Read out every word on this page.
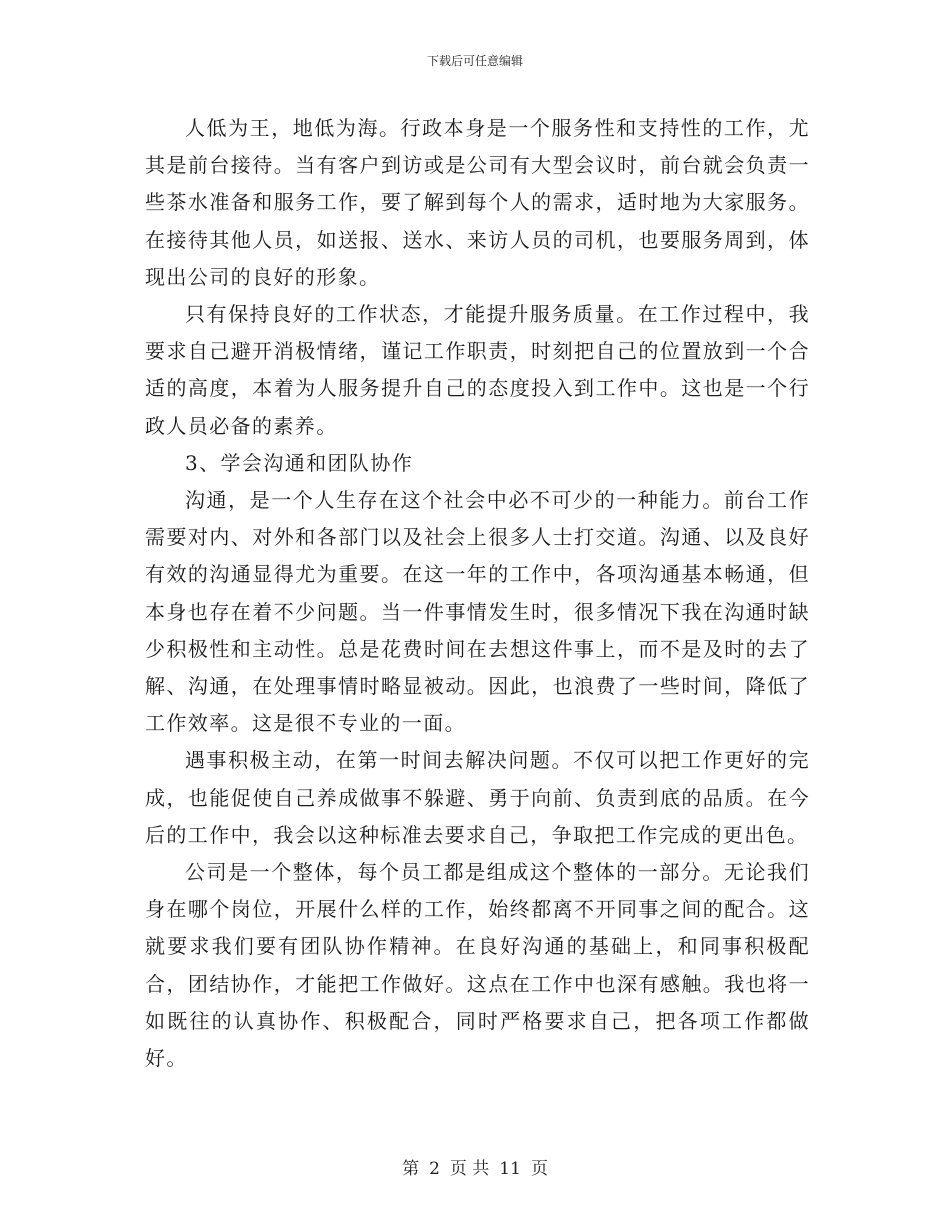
下载后可任意编辑

人低为王，地低为海。行政本身是一个服务性和支持性的工作，尤其是前台接待。当有客户到访或是公司有大型会议时，前台就会负责一些茶水准备和服务工作，要了解到每个人的需求，适时地为大家服务。在接待其他人员，如送报、送水、来访人员的司机，也要服务周到，体现出公司的良好的形象。

只有保持良好的工作状态，才能提升服务质量。在工作过程中，我要求自己避开消极情绪，谨记工作职责，时刻把自己的位置放到一个合适的高度，本着为人服务提升自己的态度投入到工作中。这也是一个行政人员必备的素养。

3、学会沟通和团队协作

沟通，是一个人生存在这个社会中必不可少的一种能力。前台工作需要对内、对外和各部门以及社会上很多人士打交道。沟通、以及良好有效的沟通显得尤为重要。在这一年的工作中，各项沟通基本畅通，但本身也存在着不少问题。当一件事情发生时，很多情况下我在沟通时缺少积极性和主动性。总是花费时间在去想这件事上，而不是及时的去了解、沟通，在处理事情时略显被动。因此，也浪费了一些时间，降低了工作效率。这是很不专业的一面。

遇事积极主动，在第一时间去解决问题。不仅可以把工作更好的完成，也能促使自己养成做事不躲避、勇于向前、负责到底的品质。在今后的工作中，我会以这种标准去要求自己，争取把工作完成的更出色。

公司是一个整体，每个员工都是组成这个整体的一部分。无论我们身在哪个岗位，开展什么样的工作，始终都离不开同事之间的配合。这就要求我们要有团队协作精神。在良好沟通的基础上，和同事积极配合，团结协作，才能把工作做好。这点在工作中也深有感触。我也将一如既往的认真协作、积极配合，同时严格要求自己，把各项工作都做好。

第 2 页 共 11 页
